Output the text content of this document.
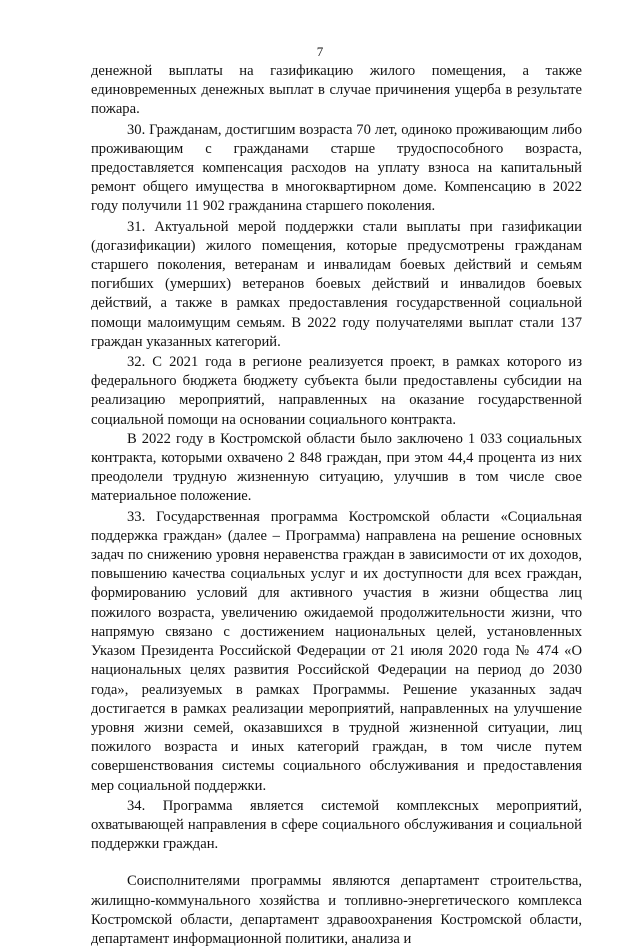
7

денежной выплаты на газификацию жилого помещения, а также единовременных денежных выплат в случае причинения ущерба в результате пожара.

30. Гражданам, достигшим возраста 70 лет, одиноко проживающим либо проживающим с гражданами старше трудоспособного возраста, предоставляется компенсация расходов на уплату взноса на капитальный ремонт общего имущества в многоквартирном доме. Компенсацию в 2022 году получили 11 902 гражданина старшего поколения.

31. Актуальной мерой поддержки стали выплаты при газификации (догазификации) жилого помещения, которые предусмотрены гражданам старшего поколения, ветеранам и инвалидам боевых действий и семьям погибших (умерших) ветеранов боевых действий и инвалидов боевых действий, а также в рамках предоставления государственной социальной помощи малоимущим семьям. В 2022 году получателями выплат стали 137 граждан указанных категорий.

32. С 2021 года в регионе реализуется проект, в рамках которого из федерального бюджета бюджету субъекта были предоставлены субсидии на реализацию мероприятий, направленных на оказание государственной социальной помощи на основании социального контракта.

В 2022 году в Костромской области было заключено 1 033 социальных контракта, которыми охвачено 2 848 граждан, при этом 44,4 процента из них преодолели трудную жизненную ситуацию, улучшив в том числе свое материальное положение.

33. Государственная программа Костромской области «Социальная поддержка граждан» (далее – Программа) направлена на решение основных задач по снижению уровня неравенства граждан в зависимости от их доходов, повышению качества социальных услуг и их доступности для всех граждан, формированию условий для активного участия в жизни общества лиц пожилого возраста, увеличению ожидаемой продолжительности жизни, что напрямую связано с достижением национальных целей, установленных Указом Президента Российской Федерации от 21 июля 2020 года № 474 «О национальных целях развития Российской Федерации на период до 2030 года», реализуемых в рамках Программы. Решение указанных задач достигается в рамках реализации мероприятий, направленных на улучшение уровня жизни семей, оказавшихся в трудной жизненной ситуации, лиц пожилого возраста и иных категорий граждан, в том числе путем совершенствования системы социального обслуживания и предоставления мер социальной поддержки.

34. Программа является системой комплексных мероприятий, охватывающей направления в сфере социального обслуживания и социальной поддержки граждан.

Соисполнителями программы являются департамент строительства, жилищно-коммунального хозяйства и топливно-энергетического комплекса Костромской области, департамент здравоохранения Костромской области, департамент информационной политики, анализа и
